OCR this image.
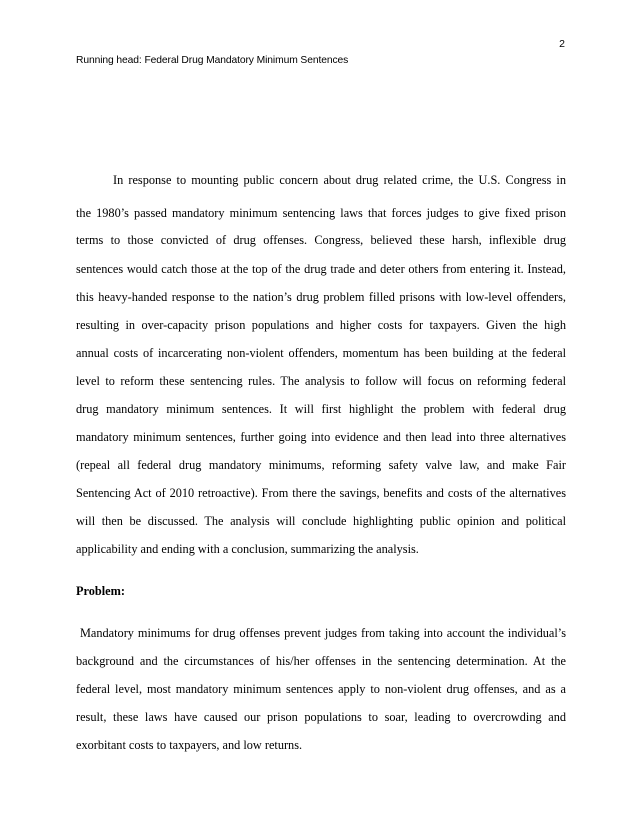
2
Running head: Federal Drug Mandatory Minimum Sentences
In response to mounting public concern about drug related crime, the U.S. Congress in
the 1980’s passed mandatory minimum sentencing laws that forces judges to give fixed prison
terms to those convicted of drug offenses. Congress, believed these harsh, inflexible drug
sentences would catch those at the top of the drug trade and deter others from entering it. Instead,
this heavy-handed response to the nation’s drug problem filled prisons with low-level offenders,
resulting in over-capacity prison populations and higher costs for taxpayers. Given the high
annual costs of incarcerating non-violent offenders, momentum has been building at the federal
level to reform these sentencing rules. The analysis to follow will focus on reforming federal
drug mandatory minimum sentences. It will first highlight the problem with federal drug
mandatory minimum sentences, further going into evidence and then lead into three alternatives
(repeal all federal drug mandatory minimums, reforming safety valve law, and make Fair
Sentencing Act of 2010 retroactive). From there the savings, benefits and costs of the alternatives
will then be discussed. The analysis will conclude highlighting public opinion and political
applicability and ending with a conclusion, summarizing the analysis.
Problem:
Mandatory minimums for drug offenses prevent judges from taking into account the individual’s
background and the circumstances of his/her offenses in the sentencing determination. At the
federal level, most mandatory minimum sentences apply to non-violent drug offenses, and as a
result, these laws have caused our prison populations to soar, leading to overcrowding and
exorbitant costs to taxpayers, and low returns.
